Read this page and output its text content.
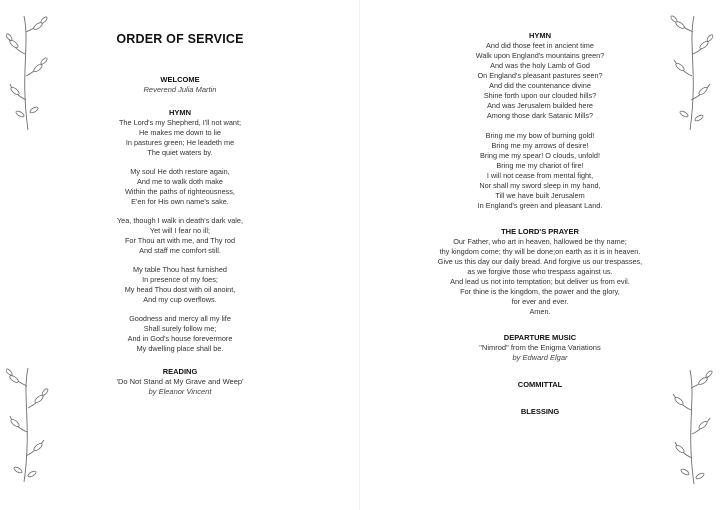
ORDER OF SERVICE
WELCOME
Reverend Julia Martin
HYMN
The Lord's my Shepherd, I'll not want;
He makes me down to lie
In pastures green; He leadeth me
The quiet waters by.
My soul He doth restore again,
And me to walk doth make
Within the paths of righteousness,
E'en for His own name's sake.
Yea, though I walk in death's dark vale,
Yet will I fear no ill;
For Thou art with me, and Thy rod
And staff me comfort still.
My table Thou hast furnished
In presence of my foes;
My head Thou dost with oil anoint,
And my cup overflows.
Goodness and mercy all my life
Shall surely follow me;
And in God's house forevermore
My dwelling place shall be.
READING
'Do Not Stand at My Grave and Weep'
by Eleanor Vincent
HYMN
And did those feet in ancient time
Walk upon England's mountains green?
And was the holy Lamb of God
On England's pleasant pastures seen?
And did the countenance divine
Shine forth upon our clouded hills?
And was Jerusalem builded here
Among those dark Satanic Mills?
Bring me my bow of burning gold!
Bring me my arrows of desire!
Bring me my spear! O clouds, unfold!
Bring me my chariot of fire!
I will not cease from mental fight,
Nor shall my sword sleep in my hand,
Till we have built Jerusalem
In England's green and pleasant Land.
THE LORD'S PRAYER
Our Father, who art in heaven, hallowed be thy name;
thy kingdom come; thy will be done;on earth as it is in heaven.
Give us this day our daily bread. And forgive us our trespasses,
as we forgive those who trespass against us.
And lead us not into temptation; but deliver us from evil.
For thine is the kingdom, the power and the glory,
for ever and ever.
Amen.
DEPARTURE MUSIC
"Nimrod" from the Enigma Variations
by Edward Elgar
COMMITTAL
BLESSING
